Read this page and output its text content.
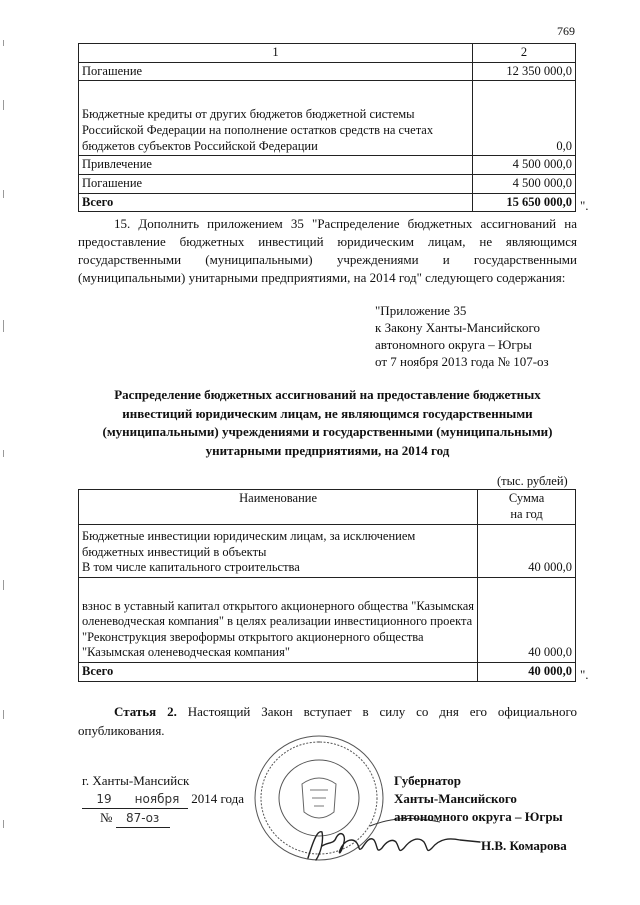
769
1	2
Погашение	12 350 000,0
Бюджетные кредиты от других бюджетов бюджетной системы Российской Федерации на пополнение остатков средств на счетах бюджетов субъектов Российской Федерации	0,0
Привлечение	4 500 000,0
Погашение	4 500 000,0
Всего	15 650 000,0 ".
15. Дополнить приложением 35 "Распределение бюджетных ассигнований на предоставление бюджетных инвестиций юридическим лицам, не являющимся государственными (муниципальными) учреждениями и государственными (муниципальными) унитарными предприятиями, на 2014 год" следующего содержания:
"Приложение 35
к Закону Ханты-Мансийского
автономного округа – Югры
от 7 ноября 2013 года № 107-оз
Распределение бюджетных ассигнований на предоставление бюджетных инвестиций юридическим лицам, не являющимся государственными (муниципальными) учреждениями и государственными (муниципальными) унитарными предприятиями, на 2014 год
(тыс. рублей)
Наименование	Сумма
на год

Бюджетные инвестиции юридическим лицам, за исключением бюджетных инвестиций в объекты
В том числе капитального строительства	40 000,0
взнос в уставный капитал открытого акционерного общества "Казымская оленеводческая компания" в целях реализации инвестиционного проекта "Реконструкция звероформы открытого акционерного общества "Казымская оленеводческая компания"	40 000,0
Всего	40 000,0 ".
Статья 2. Настоящий Закон вступает в силу со дня его официального опубликования.
г. Ханты-Мансийск
19 ноября 2014 года
№ 87-оз
Губернатор
Ханты-Мансийского
автономного округа – Югры
Н.В. Комарова
